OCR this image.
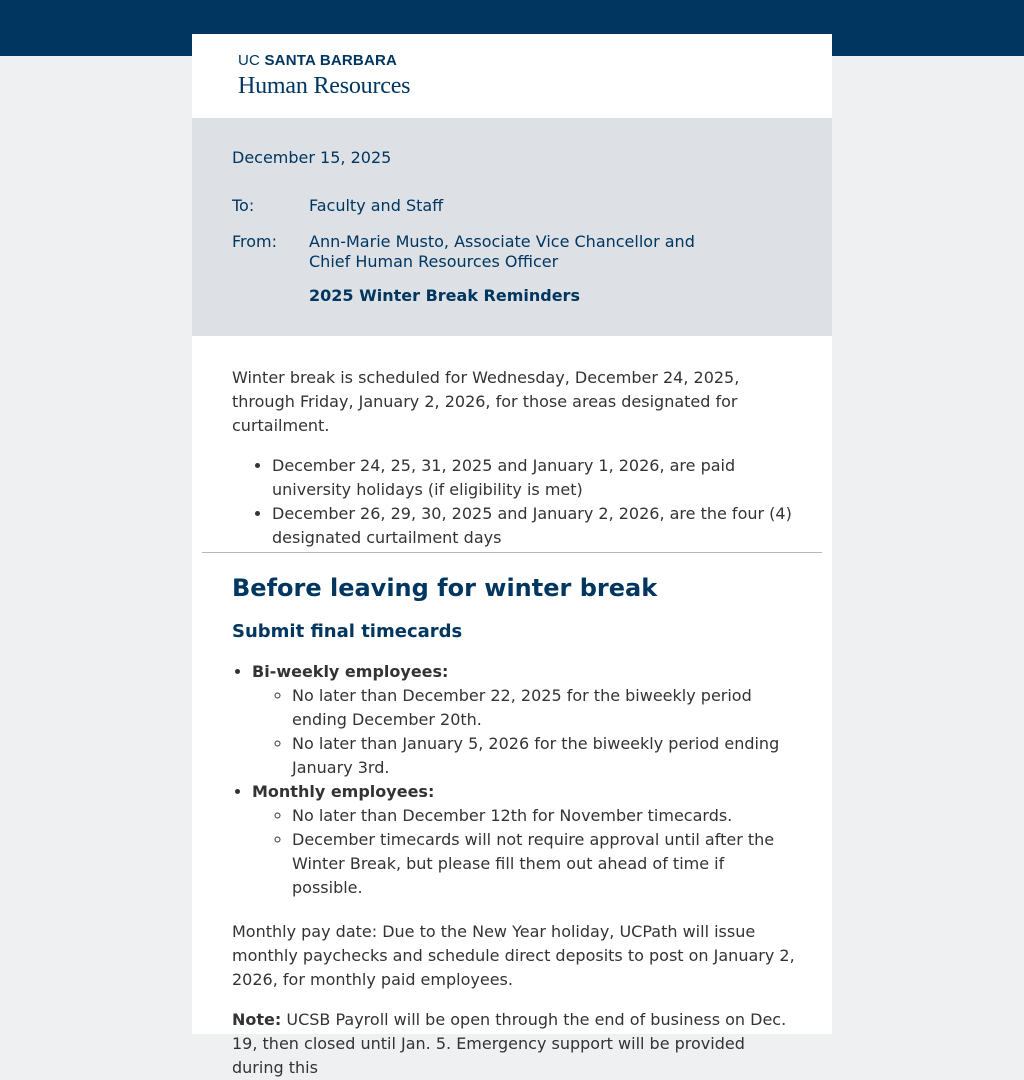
UC SANTA BARBARA
Human Resources
December 15, 2025
To:	Faculty and Staff
From:	Ann-Marie Musto, Associate Vice Chancellor and Chief Human Resources Officer
2025 Winter Break Reminders

Winter break is scheduled for Wednesday, December 24, 2025, through Friday, January 2, 2026, for those areas designated for curtailment.

• December 24, 25, 31, 2025 and January 1, 2026, are paid university holidays (if eligibility is met)
• December 26, 29, 30, 2025 and January 2, 2026, are the four (4) designated curtailment days
Before leaving for winter break
Submit final timecards
• Bi-weekly employees:
◦ No later than December 22, 2025 for the biweekly period ending December 20th.
◦ No later than January 5, 2026 for the biweekly period ending January 3rd.
• Monthly employees:
◦ No later than December 12th for November timecards.
◦ December timecards will not require approval until after the Winter Break, but please fill them out ahead of time if possible.

Monthly pay date: Due to the New Year holiday, UCPath will issue monthly paychecks and schedule direct deposits to post on January 2, 2026, for monthly paid employees.

Note: UCSB Payroll will be open through the end of business on Dec. 19, then closed until Jan. 5. Emergency support will be provided during this
